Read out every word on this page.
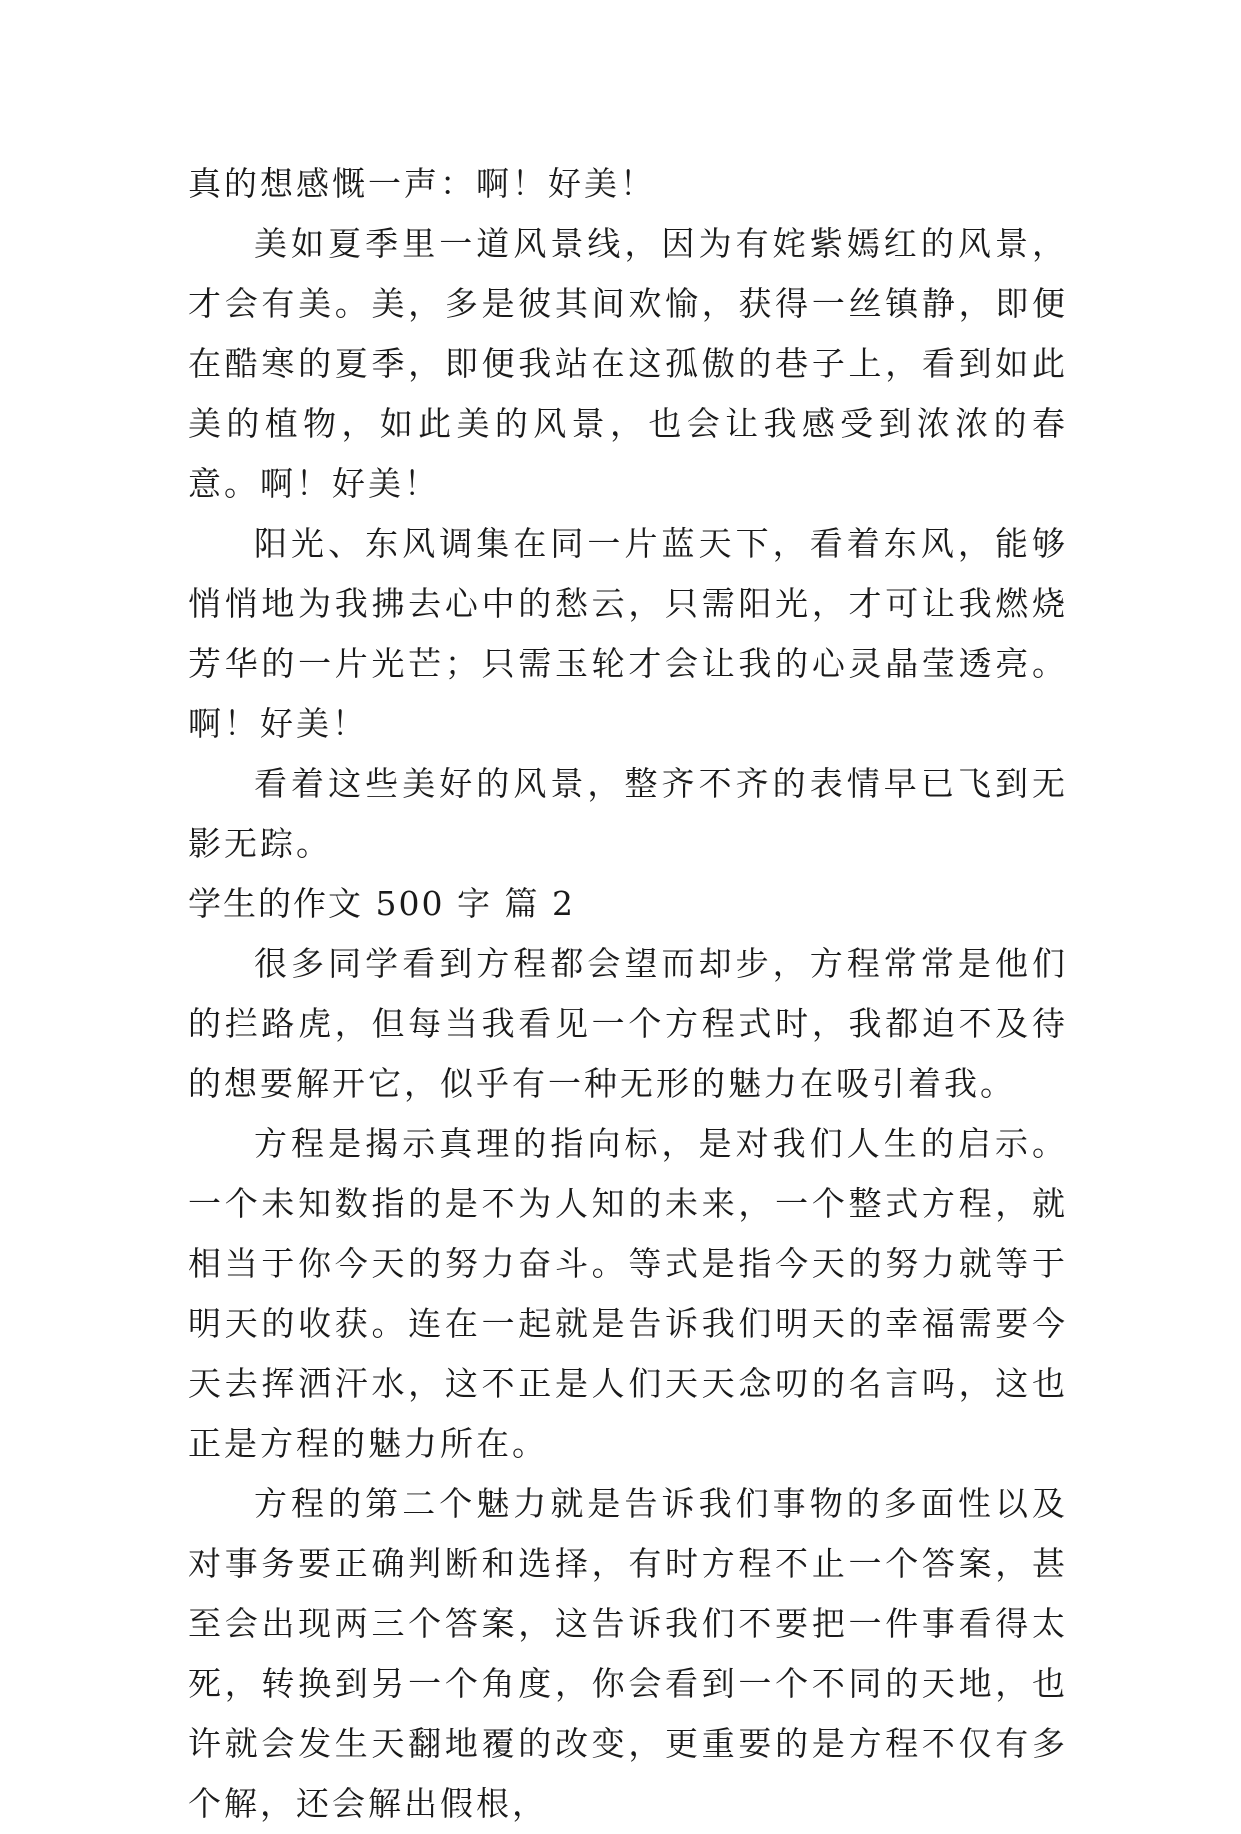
真的想感慨一声：啊！好美！

美如夏季里一道风景线，因为有姹紫嫣红的风景，才会有美。美，多是彼其间欢愉，获得一丝镇静，即便在酷寒的夏季，即便我站在这孤傲的巷子上，看到如此美的植物，如此美的风景，也会让我感受到浓浓的春意。啊！好美！

阳光、东风调集在同一片蓝天下，看着东风，能够悄悄地为我拂去心中的愁云，只需阳光，才可让我燃烧芳华的一片光芒；只需玉轮才会让我的心灵晶莹透亮。啊！好美！

看着这些美好的风景，整齐不齐的表情早已飞到无影无踪。

学生的作文 500 字 篇 2

很多同学看到方程都会望而却步，方程常常是他们的拦路虎，但每当我看见一个方程式时，我都迫不及待的想要解开它，似乎有一种无形的魅力在吸引着我。

方程是揭示真理的指向标，是对我们人生的启示。一个未知数指的是不为人知的未来，一个整式方程，就相当于你今天的努力奋斗。等式是指今天的努力就等于明天的收获。连在一起就是告诉我们明天的幸福需要今天去挥洒汗水，这不正是人们天天念叨的名言吗，这也正是方程的魅力所在。

方程的第二个魅力就是告诉我们事物的多面性以及对事务要正确判断和选择，有时方程不止一个答案，甚至会出现两三个答案，这告诉我们不要把一件事看得太死，转换到另一个角度，你会看到一个不同的天地，也许就会发生天翻地覆的改变，更重要的是方程不仅有多个解，还会解出假根，
